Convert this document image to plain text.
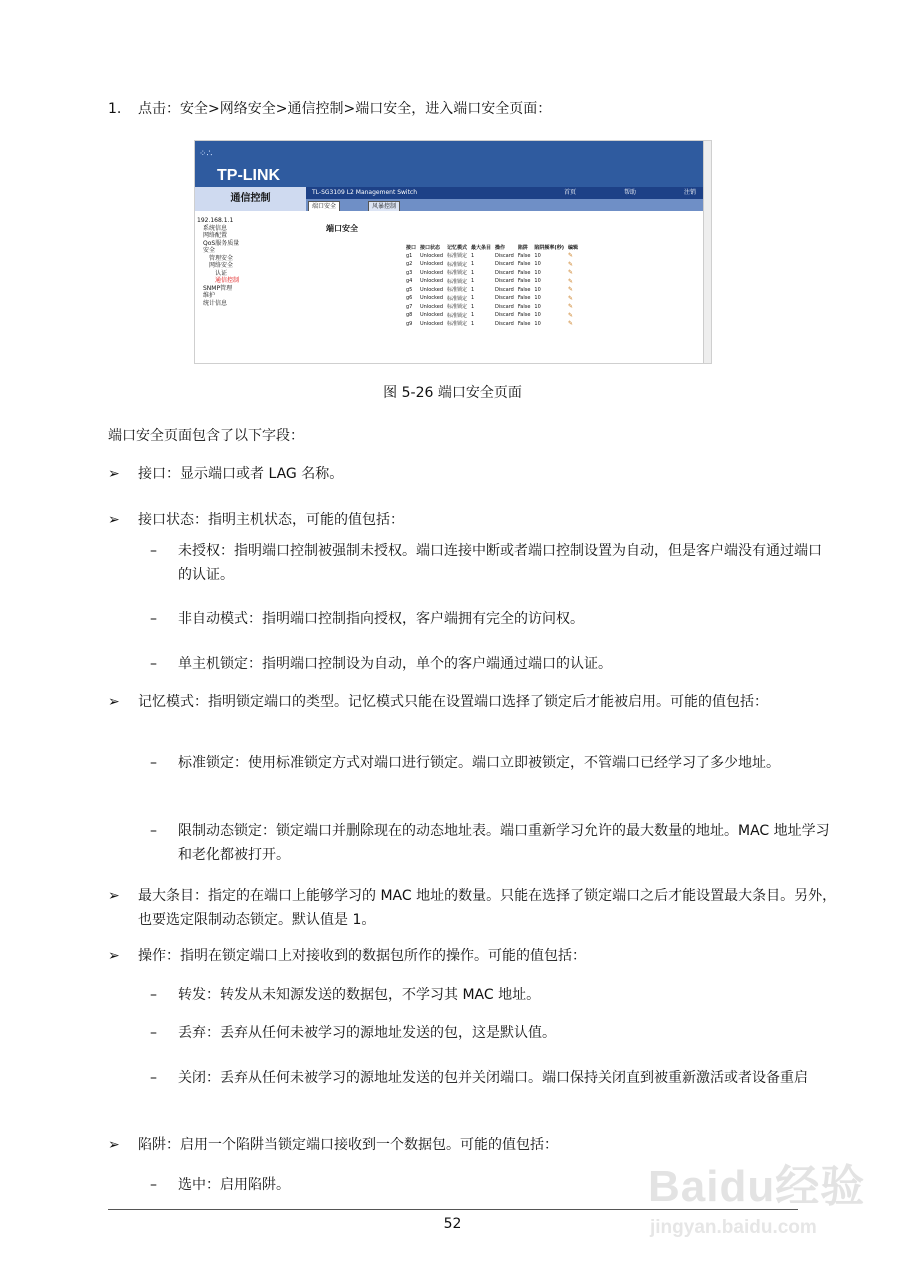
1. 点击：安全>网络安全>通信控制>端口安全，进入端口安全页面：
⁘∴
TP-LINK
通信控制
TL-SG3109 L2 Management Switch	首页	帮助	注销
端口安全	风暴控制
192.168.1.1
系统信息
网络配置
QoS服务质量
安全
管理安全
网络安全
认证
通信控制
SNMP管理
维护
统计信息
端口安全
接口	接口状态	记忆模式	最大条目	操作	陷阱	陷阱频率(秒)	编辑
g1	Unlocked	标准锁定	1	Discard	False	10	✎
g2	Unlocked	标准锁定	1	Discard	False	10	✎
g3	Unlocked	标准锁定	1	Discard	False	10	✎
g4	Unlocked	标准锁定	1	Discard	False	10	✎
g5	Unlocked	标准锁定	1	Discard	False	10	✎
g6	Unlocked	标准锁定	1	Discard	False	10	✎
g7	Unlocked	标准锁定	1	Discard	False	10	✎
g8	Unlocked	标准锁定	1	Discard	False	10	✎
g9	Unlocked	标准锁定	1	Discard	False	10	✎
图 5-26 端口安全页面
端口安全页面包含了以下字段：
➢ 接口：显示端口或者 LAG 名称。
➢ 接口状态：指明主机状态，可能的值包括：
– 未授权：指明端口控制被强制未授权。端口连接中断或者端口控制设置为自动，但是客户端没有通过端口的认证。
– 非自动模式：指明端口控制指向授权，客户端拥有完全的访问权。
– 单主机锁定：指明端口控制设为自动，单个的客户端通过端口的认证。
➢ 记忆模式：指明锁定端口的类型。记忆模式只能在设置端口选择了锁定后才能被启用。可能的值包括：
– 标准锁定：使用标准锁定方式对端口进行锁定。端口立即被锁定，不管端口已经学习了多少地址。
– 限制动态锁定：锁定端口并删除现在的动态地址表。端口重新学习允许的最大数量的地址。MAC 地址学习和老化都被打开。
➢ 最大条目：指定的在端口上能够学习的 MAC 地址的数量。只能在选择了锁定端口之后才能设置最大条目。另外，也要选定限制动态锁定。默认值是 1。
➢ 操作：指明在锁定端口上对接收到的数据包所作的操作。可能的值包括：
– 转发：转发从未知源发送的数据包，不学习其 MAC 地址。
– 丢弃：丢弃从任何未被学习的源地址发送的包，这是默认值。
– 关闭：丢弃从任何未被学习的源地址发送的包并关闭端口。端口保持关闭直到被重新激活或者设备重启
➢ 陷阱：启用一个陷阱当锁定端口接收到一个数据包。可能的值包括：
– 选中：启用陷阱。
52
Baidu经验
jingyan.baidu.com
